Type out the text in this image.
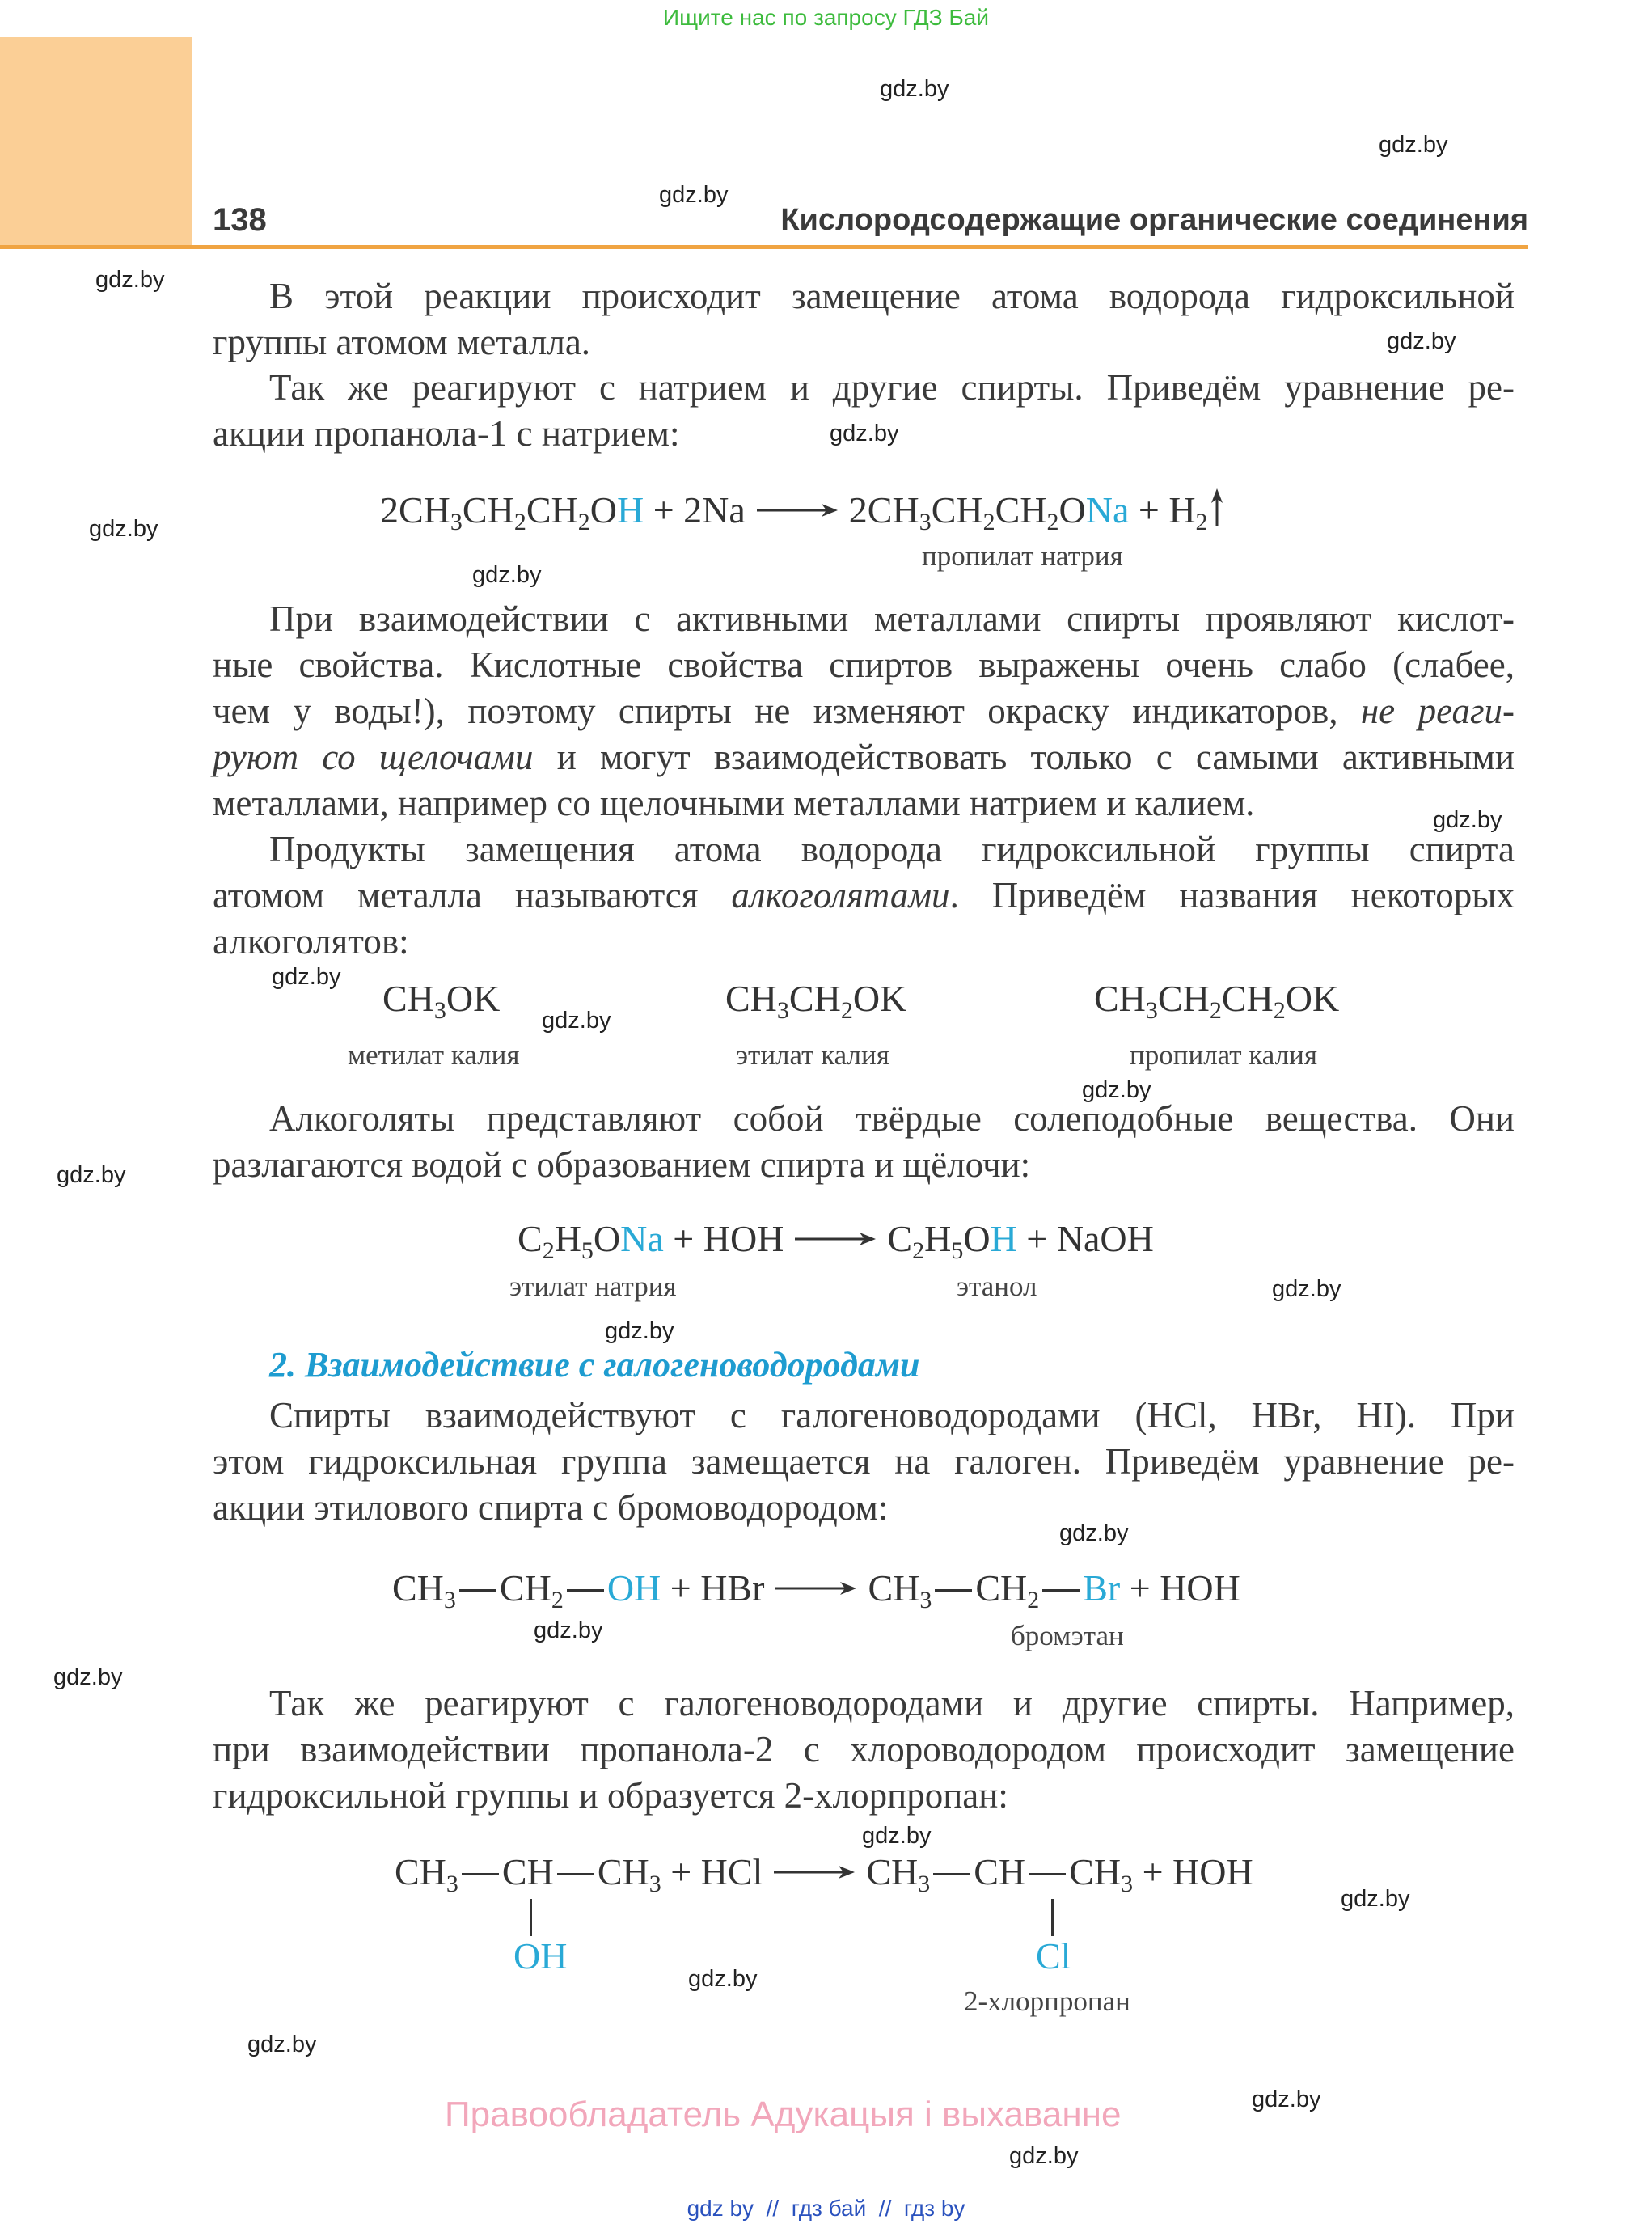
Ищите нас по запросу ГДЗ Бай
138	Кислородсодержащие органические соединения
В этой реакции происходит замещение атома водорода гидроксильной
группы атомом металла.
Так же реагируют с натрием и другие спирты. Приведём уравнение ре-
акции пропанола-1 с натрием:
$2CH_3CH_2CH_2OH + 2Na \to 2CH_3CH_2CH_2ONa + H_2$
пропилат натрия
При взаимодействии с активными металлами спирты проявляют кислот-
ные свойства. Кислотные свойства спиртов выражены очень слабо (слабее,
чем у воды!), поэтому спирты не изменяют окраску индикаторов, не реаги-
руют со щелочами и могут взаимодействовать только с самыми активными
металлами, например со щелочными металлами натрием и калием.
Продукты замещения атома водорода гидроксильной группы спирта
атомом металла называются алкоголятами. Приведём названия некоторых
алкоголятов:
$CH_3OK$
метилат калия
$CH_3CH_2OK$
этилат калия
$CH_3CH_2CH_2OK$
пропилат калия
Алкоголяты представляют собой твёрдые солеподобные вещества. Они
разлагаются водой с образованием спирта и щёлочи:
$C_2H_5ONa$ + HOH → $C_2H_5OH$ + NaOH
этилат натрия	этанол
2. Взаимодействие с галогеноводородами
Спирты взаимодействуют с галогеноводородами (HCl, HBr, HI). При
этом гидроксильная группа замещается на галоген. Приведём уравнение ре-
акции этилового спирта с бромоводородом:
$CH_3$ $CH_2$ OH + HBr → $CH_3$ $CH_2$ Br + HOH
бромэтан
Так же реагируют с галогеноводородами и другие спирты. Например,
при взаимодействии пропанола-2 с хлороводородом происходит замещение
гидроксильной группы и образуется 2-хлорпропан:
$CH_3$ CH $CH_3$ + HCl → $CH_3$ CH $CH_3$ + HOH
OH	Cl
2-хлорпропан
Правообладатель Адукацыя і выхаванне
gdz by  //  гдз бай  //  гдз by
gdz.by
gdz.by
gdz.by
gdz.by
gdz.by
gdz.by
gdz.by
gdz.by
gdz.by
gdz.by
gdz.by
gdz.by
gdz.by
gdz.by
gdz.by
gdz.by
gdz.by
gdz.by
gdz.by
gdz.by
gdz.by
gdz.by
gdz.by
gdz.by
